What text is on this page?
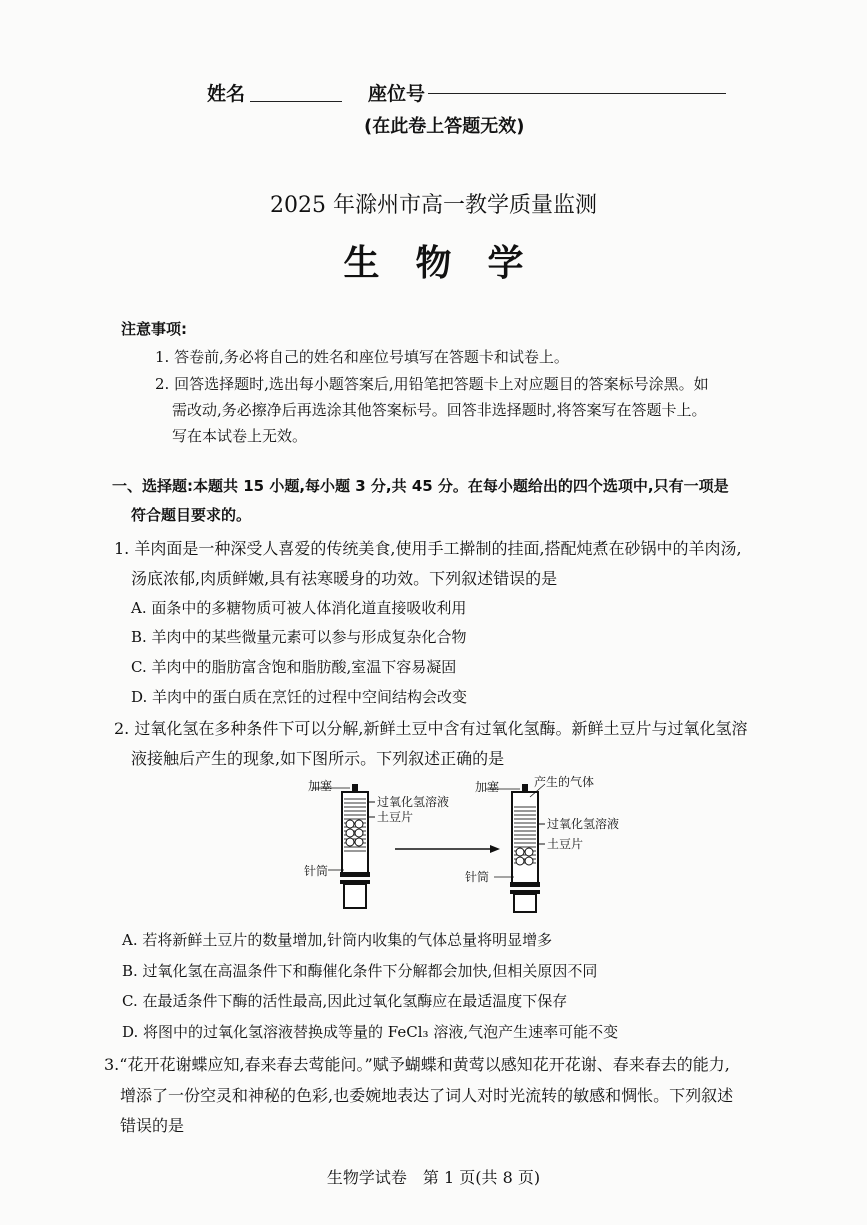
姓名	座位号
(在此卷上答题无效)
2025 年滁州市高一教学质量监测
生　物　学
注意事项:
1. 答卷前,务必将自己的姓名和座位号填写在答题卡和试卷上。
2. 回答选择题时,选出每小题答案后,用铅笔把答题卡上对应题目的答案标号涂黑。如
需改动,务必擦净后再选涂其他答案标号。回答非选择题时,将答案写在答题卡上。
写在本试卷上无效。
一、选择题:本题共 15 小题,每小题 3 分,共 45 分。在每小题给出的四个选项中,只有一项是
符合题目要求的。
1. 羊肉面是一种深受人喜爱的传统美食,使用手工擀制的挂面,搭配炖煮在砂锅中的羊肉汤,
汤底浓郁,肉质鲜嫩,具有祛寒暖身的功效。下列叙述错误的是
A. 面条中的多糖物质可被人体消化道直接吸收利用
B. 羊肉中的某些微量元素可以参与形成复杂化合物
C. 羊肉中的脂肪富含饱和脂肪酸,室温下容易凝固
D. 羊肉中的蛋白质在烹饪的过程中空间结构会改变
2. 过氧化氢在多种条件下可以分解,新鲜土豆中含有过氧化氢酶。新鲜土豆片与过氧化氢溶
液接触后产生的现象,如下图所示。下列叙述正确的是
加塞
过氧化氢溶液
土豆片
针筒
产生的气体
加塞
过氧化氢溶液
土豆片
针筒
A. 若将新鲜土豆片的数量增加,针筒内收集的气体总量将明显增多
B. 过氧化氢在高温条件下和酶催化条件下分解都会加快,但相关原因不同
C. 在最适条件下酶的活性最高,因此过氧化氢酶应在最适温度下保存
D. 将图中的过氧化氢溶液替换成等量的 FeCl₃ 溶液,气泡产生速率可能不变
3.“花开花谢蝶应知,春来春去莺能问。”赋予蝴蝶和黄莺以感知花开花谢、春来春去的能力,
增添了一份空灵和神秘的色彩,也委婉地表达了词人对时光流转的敏感和惆怅。下列叙述
错误的是
生物学试卷　第 1 页(共 8 页)
